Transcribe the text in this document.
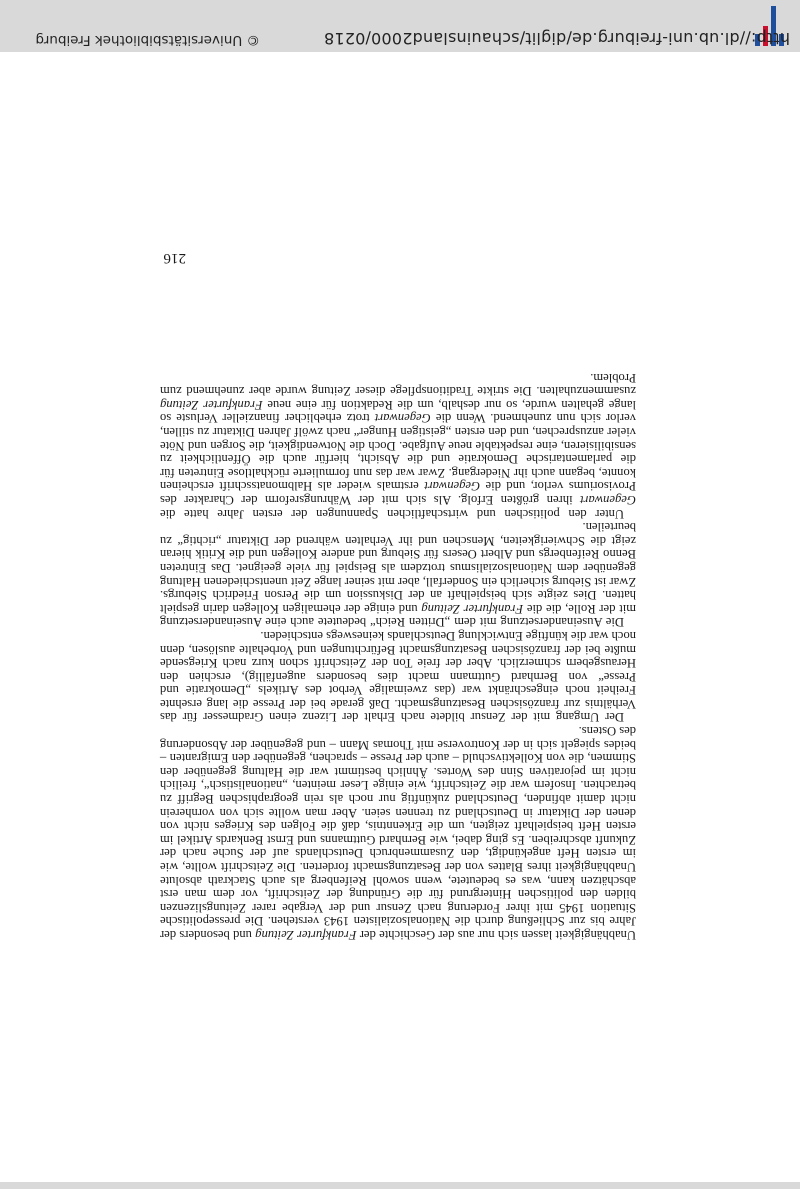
Unabhängigkeit lassen sich nur aus der Geschichte der Frankfurter Zeitung und besonders der Jahre bis zur Schließung durch die Nationalsozialisten 1943 verstehen. Die pressepolitische Situation 1945 mit ihrer Forderung nach Zensur und der Vergabe rarer Zeitungslizenzen bilden den politischen Hintergrund für die Gründung der Zeitschrift, vor dem man erst abschätzen kann, was es bedeutete, wenn sowohl Reifenberg als auch Stackrath absolute Unabhängigkeit ihres Blattes von der Besatzungsmacht forderten. Die Zeitschrift wollte, wie im ersten Heft angekündigt, den Zusammenbruch Deutschlands auf der Suche nach der Zukunft abschreiben. Es ging dabei, wie Bernhard Guttmanns und Ernst Benkards Artikel im ersten Heft beispielhaft zeigten, um die Erkenntnis, daß die Folgen des Krieges nicht von denen der Diktatur in Deutschland zu trennen seien. Aber man wollte sich von vornherein nicht damit abfinden, Deutschland zukünftig nur noch als rein geographischen Begriff zu betrachten. Insofern war die Zeitschrift, wie einige Leser meinten, „nationalistisch“, freilich nicht im pejorativen Sinn des Wortes. Ähnlich bestimmt war die Haltung gegenüber den Stimmen, die von Kollektivschuld – auch der Presse – sprachen, gegenüber den Emigranten – beides spiegelt sich in der Kontroverse mit Thomas Mann – und gegenüber der Absonderung des Ostens.

Der Umgang mit der Zensur bildete nach Erhalt der Lizenz einen Gradmesser für das Verhältnis zur französischen Besatzungsmacht. Daß gerade bei der Presse die lang ersehnte Freiheit noch eingeschränkt war (das zweimalige Verbot des Artikels „Demokratie und Presse“ von Bernhard Guttmann macht dies besonders augenfällig), erschien den Herausgebern schmerzlich. Aber der freie Ton der Zeitschrift schon kurz nach Kriegsende mußte bei der französischen Besatzungsmacht Befürchtungen und Vorbehalte auslösen, denn noch war die künftige Entwicklung Deutschlands keineswegs entschieden.

Die Auseinandersetzung mit dem „Dritten Reich“ bedeutete auch eine Auseinandersetzung mit der Rolle, die die Frankfurter Zeitung und einige der ehemaligen Kollegen darin gespielt hatten. Dies zeigte sich beispielhaft an der Diskussion um die Person Friedrich Sieburgs. Zwar ist Sieburg sicherlich ein Sonderfall, aber mit seiner lange Zeit unentschiedenen Haltung gegenüber dem Nationalsozialismus trotzdem als Beispiel für viele geeignet. Das Eintreten Benno Reifenbergs und Albert Oesers für Sieburg und andere Kollegen und die Kritik hieran zeigt die Schwierigkeiten, Menschen und ihr Verhalten während der Diktatur „richtig“ zu beurteilen.

Unter den politischen und wirtschaftlichen Spannungen der ersten Jahre hatte die Gegenwart ihren größten Erfolg. Als sich mit der Währungsreform der Charakter des Provisoriums verlor, und die Gegenwart erstmals wieder als Halbmonatsschrift erscheinen konnte, begann auch ihr Niedergang. Zwar war das nun formulierte rückhaltlose Eintreten für die parlamentarische Demokratie und die Absicht, hierfür auch die Öffentlichkeit zu sensibilisieren, eine respektable neue Aufgabe. Doch die Notwendigkeit, die Sorgen und Nöte vieler anzusprechen, und den ersten „geistigen Hunger“ nach zwölf Jahren Diktatur zu stillen, verlor sich nun zunehmend. Wenn die Gegenwart trotz erheblicher finanzieller Verluste so lange gehalten wurde, so nur deshalb, um die Redaktion für eine neue Frankfurter Zeitung zusammenzuhalten. Die strikte Traditionspflege dieser Zeitung wurde aber zunehmend zum Problem.

216
http://dl.ub.uni-freiburg.de/diglit/schauinsland2000/0218
© Universitätsbibliothek Freiburg
